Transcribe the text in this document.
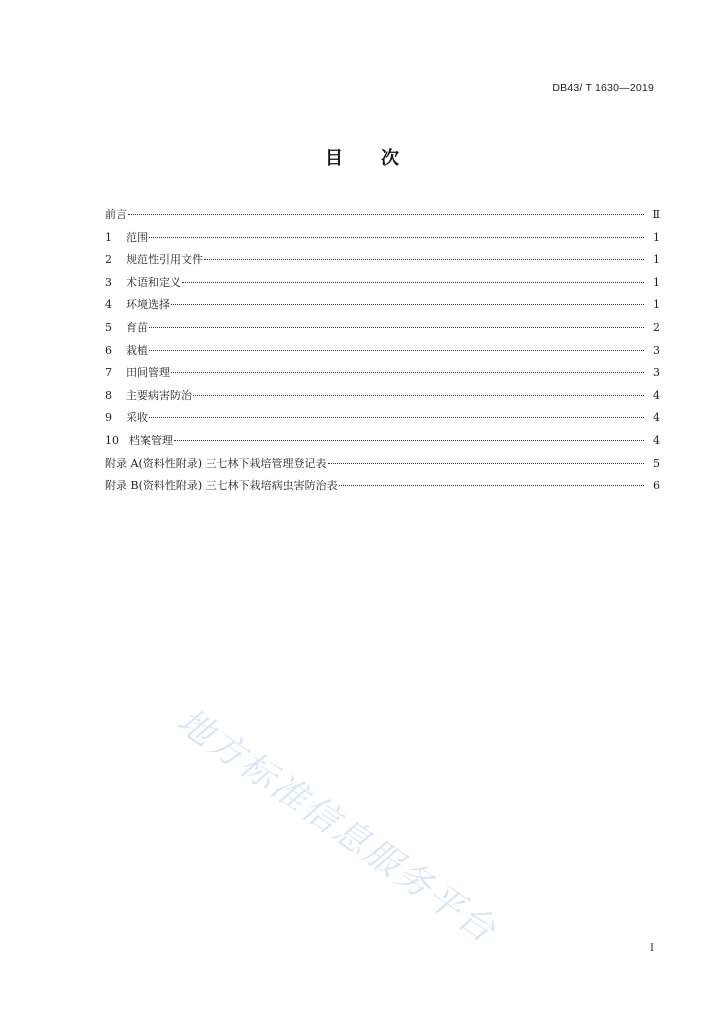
DB43/ T 1630—2019
目 次
前言	Ⅱ
1	范围	1
2	规范性引用文件	1
3	术语和定义	1
4	环境选择	1
5	育苗	2
6	栽植	3
7	田间管理	3
8	主要病害防治	4
9	采收	4
10 档案管理	4
附录 A(资料性附录) 三七林下栽培管理登记表	5
附录 B(资料性附录) 三七林下栽培病虫害防治表	6
地方标准信息服务平台	I
